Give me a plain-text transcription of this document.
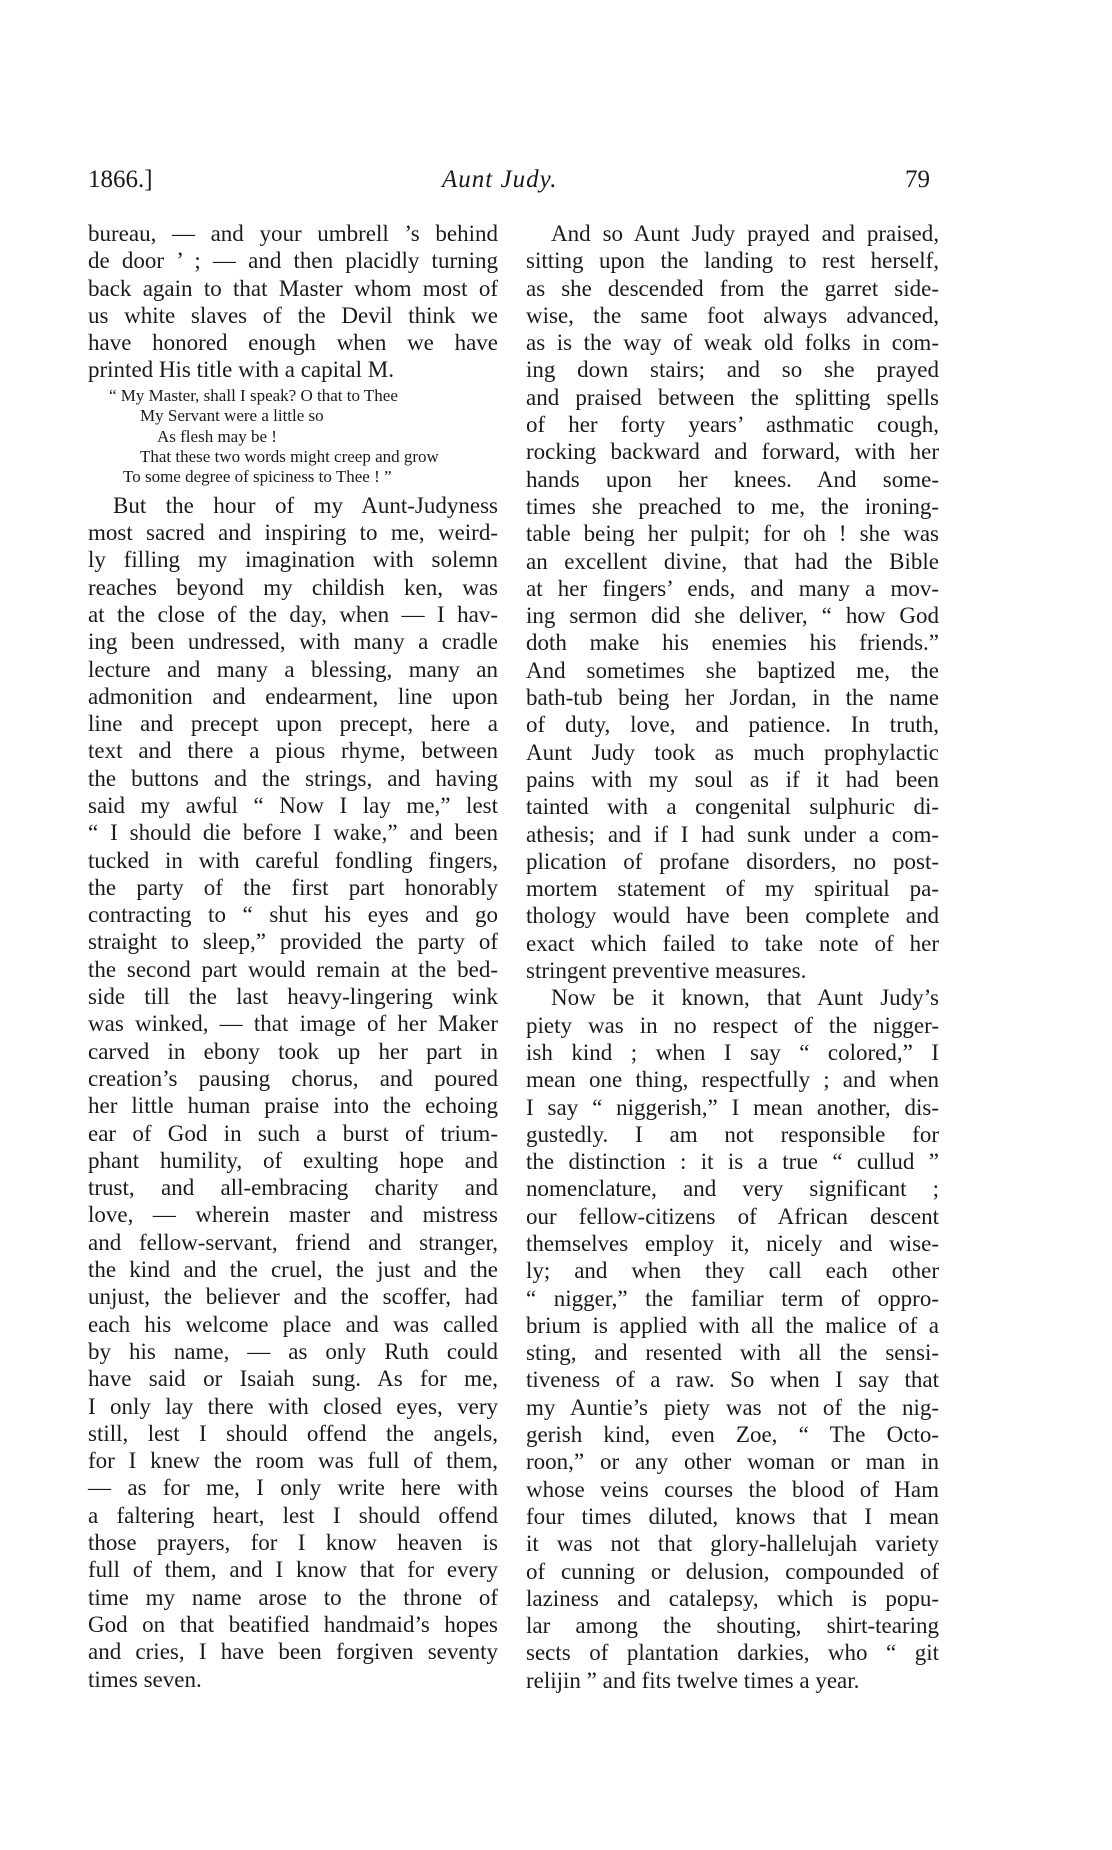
1866.]	Aunt Judy.	79
bureau, — and your umbrell ’s behind
de door ’ ; — and then placidly turning
back again to that Master whom most of
us white slaves of the Devil think we
have honored enough when we have
printed His title with a capital M.
“ My Master, shall I speak? O that to Thee
My Servant were a little so
As flesh may be !
That these two words might creep and grow
To some degree of spiciness to Thee ! ”
But the hour of my Aunt-Judyness
most sacred and inspiring to me, weird-
ly filling my imagination with solemn
reaches beyond my childish ken, was
at the close of the day, when — I hav-
ing been undressed, with many a cradle
lecture and many a blessing, many an
admonition and endearment, line upon
line and precept upon precept, here a
text and there a pious rhyme, between
the buttons and the strings, and having
said my awful “ Now I lay me,” lest
“ I should die before I wake,” and been
tucked in with careful fondling fingers,
the party of the first part honorably
contracting to “ shut his eyes and go
straight to sleep,” provided the party of
the second part would remain at the bed-
side till the last heavy-lingering wink
was winked, — that image of her Maker
carved in ebony took up her part in
creation’s pausing chorus, and poured
her little human praise into the echoing
ear of God in such a burst of trium-
phant humility, of exulting hope and
trust, and all-embracing charity and
love, — wherein master and mistress
and fellow-servant, friend and stranger,
the kind and the cruel, the just and the
unjust, the believer and the scoffer, had
each his welcome place and was called
by his name, — as only Ruth could
have said or Isaiah sung. As for me,
I only lay there with closed eyes, very
still, lest I should offend the angels,
for I knew the room was full of them,
— as for me, I only write here with
a faltering heart, lest I should offend
those prayers, for I know heaven is
full of them, and I know that for every
time my name arose to the throne of
God on that beatified handmaid’s hopes
and cries, I have been forgiven seventy
times seven.
And so Aunt Judy prayed and praised,
sitting upon the landing to rest herself,
as she descended from the garret side-
wise, the same foot always advanced,
as is the way of weak old folks in com-
ing down stairs; and so she prayed
and praised between the splitting spells
of her forty years’ asthmatic cough,
rocking backward and forward, with her
hands upon her knees. And some-
times she preached to me, the ironing-
table being her pulpit; for oh ! she was
an excellent divine, that had the Bible
at her fingers’ ends, and many a mov-
ing sermon did she deliver, “ how God
doth make his enemies his friends.”
And sometimes she baptized me, the
bath-tub being her Jordan, in the name
of duty, love, and patience. In truth,
Aunt Judy took as much prophylactic
pains with my soul as if it had been
tainted with a congenital sulphuric di-
athesis; and if I had sunk under a com-
plication of profane disorders, no post-
mortem statement of my spiritual pa-
thology would have been complete and
exact which failed to take note of her
stringent preventive measures.
Now be it known, that Aunt Judy’s
piety was in no respect of the nigger-
ish kind ; when I say “ colored,” I
mean one thing, respectfully ; and when
I say “ niggerish,” I mean another, dis-
gustedly. I am not responsible for
the distinction : it is a true “ cullud ”
nomenclature, and very significant ;
our fellow-citizens of African descent
themselves employ it, nicely and wise-
ly; and when they call each other
“ nigger,” the familiar term of oppro-
brium is applied with all the malice of a
sting, and resented with all the sensi-
tiveness of a raw. So when I say that
my Auntie’s piety was not of the nig-
gerish kind, even Zoe, “ The Octo-
roon,” or any other woman or man in
whose veins courses the blood of Ham
four times diluted, knows that I mean
it was not that glory-hallelujah variety
of cunning or delusion, compounded of
laziness and catalepsy, which is popu-
lar among the shouting, shirt-tearing
sects of plantation darkies, who “ git
relijin ” and fits twelve times a year.
